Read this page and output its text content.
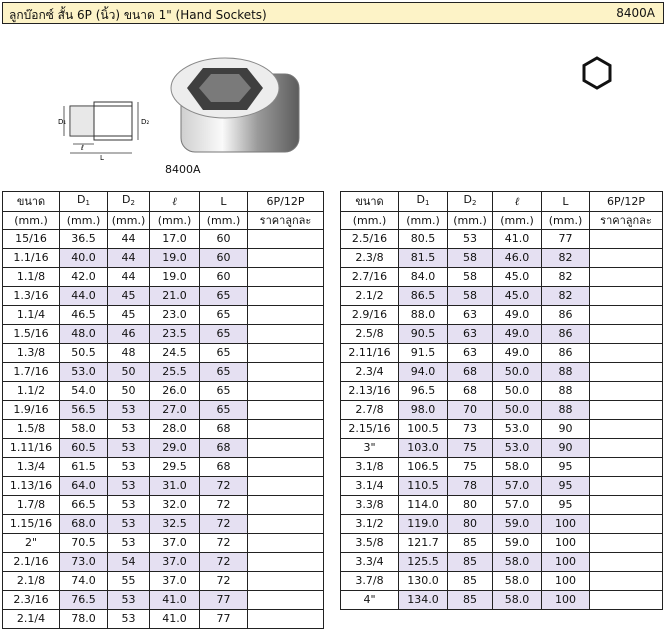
ลูกบ๊อกซ์ สั้น 6P (นิ้ว) ขนาด 1" (Hand Sockets)	8400A
D₁	D₂
ℓ
L
8400A
ขนาด	$D_1$	$D_2$	ℓ	L	6P/12P
(mm.)	(mm.)	(mm.)	(mm.)	(mm.)	ราคาลูกละ
15/16	36.5	44	17.0	60	
1.1/16	40.0	44	19.0	60	
1.1/8	42.0	44	19.0	60	
1.3/16	44.0	45	21.0	65	
1.1/4	46.5	45	23.0	65	
1.5/16	48.0	46	23.5	65	
1.3/8	50.5	48	24.5	65	
1.7/16	53.0	50	25.5	65	
1.1/2	54.0	50	26.0	65	
1.9/16	56.5	53	27.0	65	
1.5/8	58.0	53	28.0	68	
1.11/16	60.5	53	29.0	68	
1.3/4	61.5	53	29.5	68	
1.13/16	64.0	53	31.0	72	
1.7/8	66.5	53	32.0	72	
1.15/16	68.0	53	32.5	72	
2"	70.5	53	37.0	72	
2.1/16	73.0	54	37.0	72	
2.1/8	74.0	55	37.0	72	
2.3/16	76.5	53	41.0	77	
2.1/4	78.0	53	41.0	77	
ขนาด	$D_1$	$D_2$	ℓ	L	6P/12P
(mm.)	(mm.)	(mm.)	(mm.)	(mm.)	ราคาลูกละ
2.5/16	80.5	53	41.0	77	
2.3/8	81.5	58	46.0	82	
2.7/16	84.0	58	45.0	82	
2.1/2	86.5	58	45.0	82	
2.9/16	88.0	63	49.0	86	
2.5/8	90.5	63	49.0	86	
2.11/16	91.5	63	49.0	86	
2.3/4	94.0	68	50.0	88	
2.13/16	96.5	68	50.0	88	
2.7/8	98.0	70	50.0	88	
2.15/16	100.5	73	53.0	90	
3"	103.0	75	53.0	90	
3.1/8	106.5	75	58.0	95	
3.1/4	110.5	78	57.0	95	
3.3/8	114.0	80	57.0	95	
3.1/2	119.0	80	59.0	100	
3.5/8	121.7	85	59.0	100	
3.3/4	125.5	85	58.0	100	
3.7/8	130.0	85	58.0	100	
4"	134.0	85	58.0	100	
